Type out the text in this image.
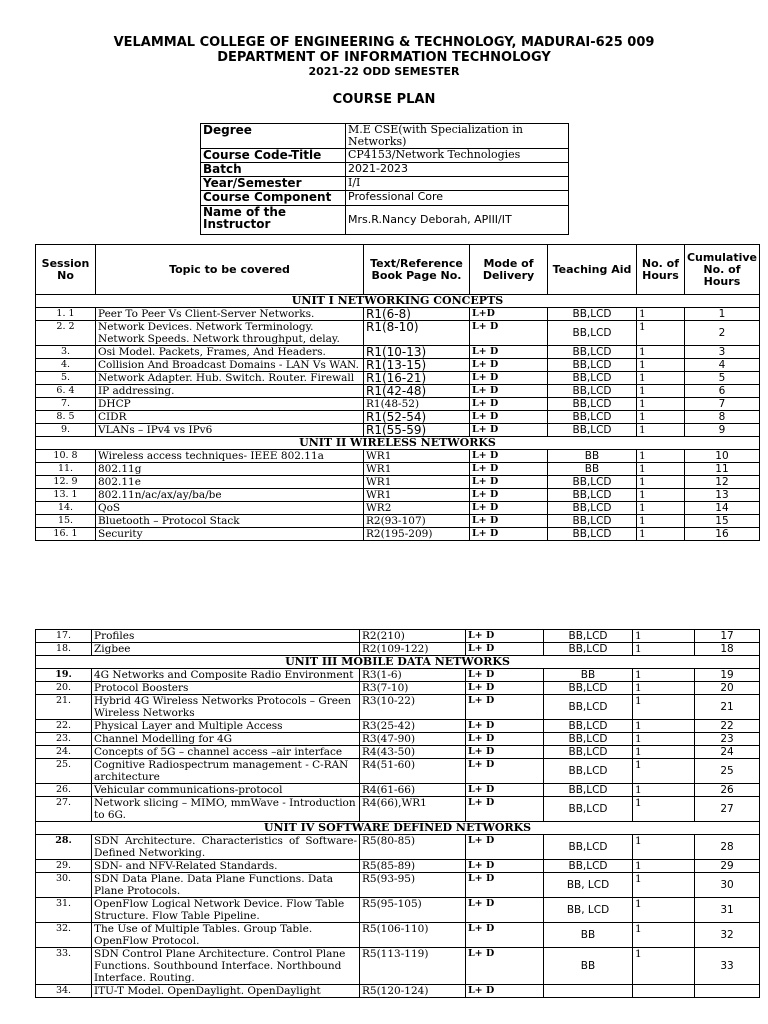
VELAMMAL COLLEGE OF ENGINEERING & TECHNOLOGY, MADURAI-625 009
DEPARTMENT OF INFORMATION TECHNOLOGY
2021-22 ODD SEMESTER
COURSE PLAN
Degree	M.E CSE(with Specialization in Networks)
Course Code-Title	CP4153/Network Technologies
Batch	2021-2023
Year/Semester	I/I
Course Component	Professional Core
Name of the Instructor	Mrs.R.Nancy Deborah, APIII/IT
Session No	Topic to be covered	Text/Reference Book Page No.	Mode of Delivery	Teaching Aid	No. of Hours	Cumulative No. of Hours
UNIT I NETWORKING CONCEPTS						
1. 1	Peer To Peer Vs Client-Server Networks.	R1(6-8)	L+D	BB,LCD	1	1
2. 2	Network Devices. Network Terminology. Network Speeds. Network throughput, delay.	R1(8-10)	L+ D	BB,LCD	1	2
3.	Osi Model. Packets, Frames, And Headers.	R1(10-13)	L+ D	BB,LCD	1	3
4.	Collision And Broadcast Domains - LAN Vs WAN.	R1(13-15)	L+ D	BB,LCD	1	4
5.	Network Adapter. Hub. Switch. Router. Firewall	R1(16-21)	L+ D	BB,LCD	1	5
6. 4	IP addressing.	R1(42-48)	L+ D	BB,LCD	1	6
7.	DHCP	R1(48-52)	L+ D	BB,LCD	1	7
8. 5	CIDR	R1(52-54)	L+ D	BB,LCD	1	8
9.	VLANs – IPv4 vs IPv6	R1(55-59)	L+ D	BB,LCD	1	9
UNIT II WIRELESS NETWORKS						
10. 8	Wireless access techniques- IEEE 802.11a	WR1	L+ D	BB	1	10
11.	802.11g	WR1	L+ D	BB	1	11
12. 9	802.11e	WR1	L+ D	BB,LCD	1	12
13. 1	802.11n/ac/ax/ay/ba/be	WR1	L+ D	BB,LCD	1	13
14.	QoS	WR2	L+ D	BB,LCD	1	14
15.	Bluetooth – Protocol Stack	R2(93-107)	L+ D	BB,LCD	1	15
16. 1	Security	R2(195-209)	L+ D	BB,LCD	1	16
17.	Profiles	R2(210)	L+ D	BB,LCD	1	17
18.	Zigbee	R2(109-122)	L+ D	BB,LCD	1	18
UNIT III MOBILE DATA NETWORKS						
19.	4G Networks and Composite Radio Environment	R3(1-6)	L+ D	BB	1	19
20.	Protocol Boosters	R3(7-10)	L+ D	BB,LCD	1	20
21.	Hybrid 4G Wireless Networks Protocols – Green Wireless Networks	R3(10-22)	L+ D	BB,LCD	1	21
22.	Physical Layer and Multiple Access	R3(25-42)	L+ D	BB,LCD	1	22
23.	Channel Modelling for 4G	R3(47-90)	L+ D	BB,LCD	1	23
24.	Concepts of 5G – channel access –air interface	R4(43-50)	L+ D	BB,LCD	1	24
25.	Cognitive Radiospectrum management - C-RAN architecture	R4(51-60)	L+ D	BB,LCD	1	25
26.	Vehicular communications-protocol	R4(61-66)	L+ D	BB,LCD	1	26
27.	Network slicing – MIMO, mmWave - Introduction to 6G.	R4(66),WR1	L+ D	BB,LCD	1	27
UNIT IV SOFTWARE DEFINED NETWORKS						
28.	SDN Architecture. Characteristics of Software-Defined Networking.	R5(80-85)	L+ D	BB,LCD	1	28
29.	SDN- and NFV-Related Standards.	R5(85-89)	L+ D	BB,LCD	1	29
30.	SDN Data Plane. Data Plane Functions. Data Plane Protocols.	R5(93-95)	L+ D	BB, LCD	1	30
31.	OpenFlow Logical Network Device. Flow Table Structure. Flow Table Pipeline.	R5(95-105)	L+ D	BB, LCD	1	31
32.	The Use of Multiple Tables. Group Table. OpenFlow Protocol.	R5(106-110)	L+ D	BB	1	32
33.	SDN Control Plane Architecture. Control Plane Functions. Southbound Interface. Northbound Interface. Routing.	R5(113-119)	L+ D	BB	1	33
34.	ITU-T Model. OpenDaylight. OpenDaylight	R5(120-124)	L+ D			
